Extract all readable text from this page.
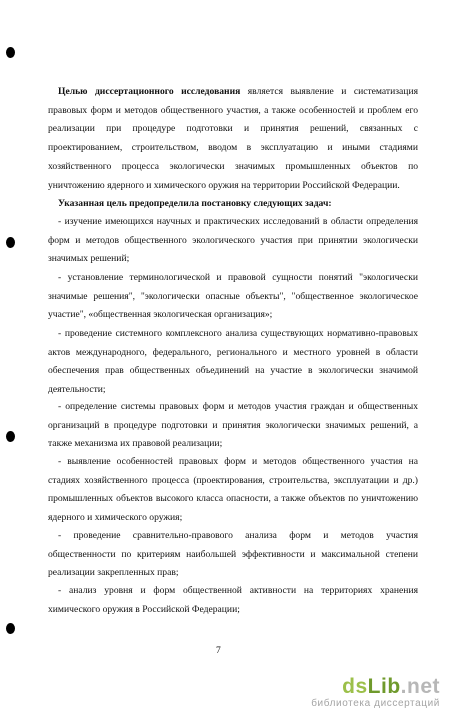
Целью диссертационного исследования является выявление и систематизация правовых форм и методов общественного участия, а также особенностей и проблем его реализации при процедуре подготовки и принятия решений, связанных с проектированием, строительством, вводом в эксплуатацию и иными стадиями хозяйственного процесса экологически значимых промышленных объектов по уничтожению ядерного и химического оружия на территории Российской Федерации.

Указанная цель предопределила постановку следующих задач:

- изучение имеющихся научных и практических исследований в области определения форм и методов общественного экологического участия при принятии экологически значимых решений;

- установление терминологической и правовой сущности понятий "экологически значимые решения", "экологически опасные объекты", "общественное экологическое участие", «общественная экологическая организация»;

- проведение системного комплексного анализа существующих нормативно-правовых актов международного, федерального, регионального и местного уровней в области обеспечения прав общественных объединений на участие в экологически значимой деятельности;

- определение системы правовых форм и методов участия граждан и общественных организаций в процедуре подготовки и принятия экологически значимых решений, а также механизма их правовой реализации;

- выявление особенностей правовых форм и методов общественного участия на стадиях хозяйственного процесса (проектирования, строительства, эксплуатации и др.) промышленных объектов высокого класса опасности, а также объектов по уничтожению ядерного и химического оружия;

- проведение сравнительно-правового анализа форм и методов участия общественности по критериям наибольшей эффективности и максимальной степени реализации закрепленных прав;

- анализ уровня и форм общественной активности на территориях хранения химического оружия в Российской Федерации;

7
dsLib.net
библиотека диссертаций
